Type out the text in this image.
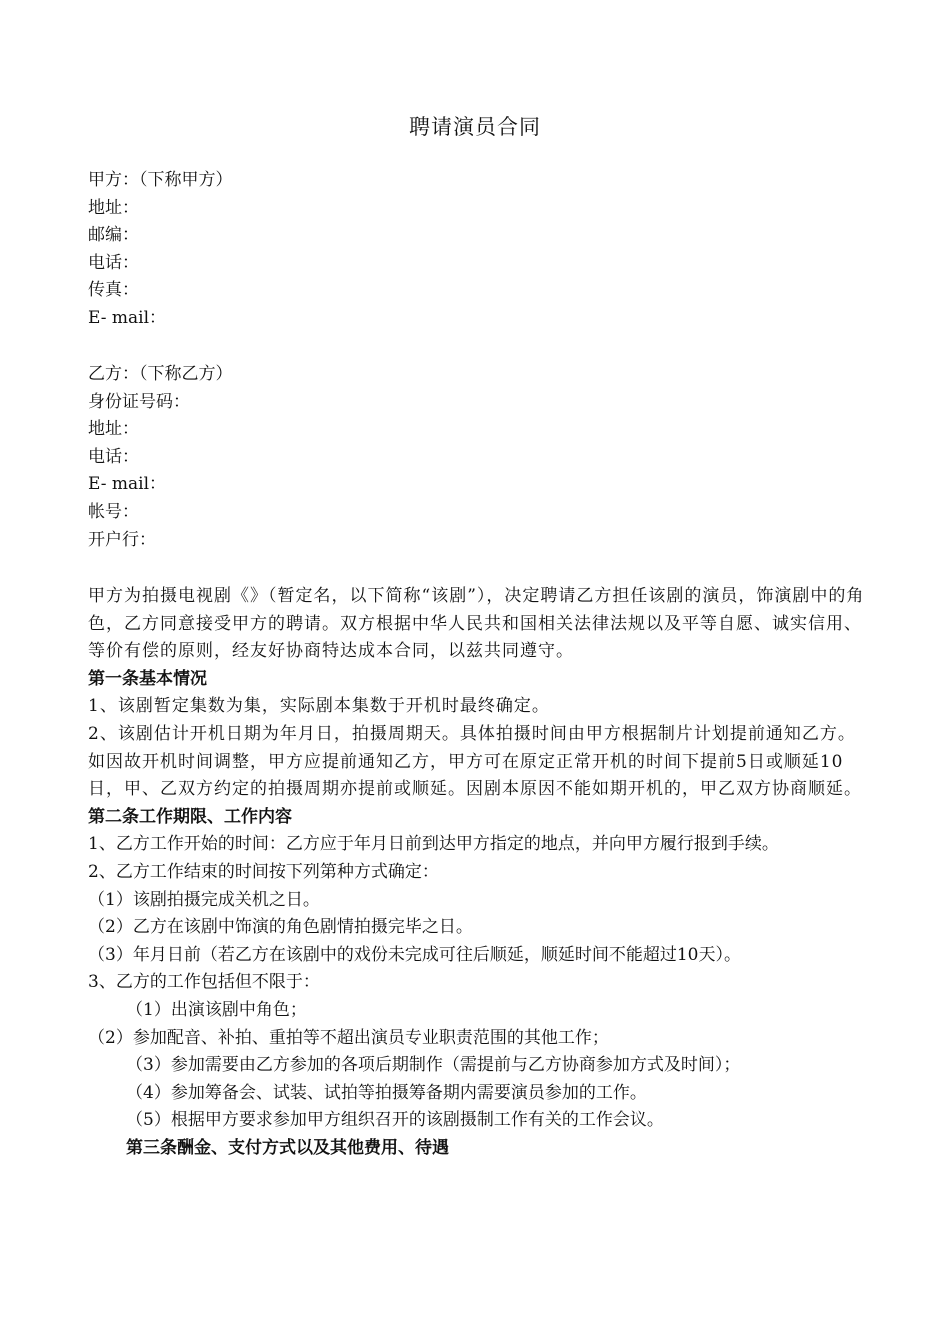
聘请演员合同
甲方：（下称甲方）
地址：
邮编：
电话：
传真：
E- mail：
乙方：（下称乙方）
身份证号码：
地址：
电话：
E- mail：
帐号：
开户行：
甲方为拍摄电视剧《》（暂定名，以下简称“该剧”），决定聘请乙方担任该剧的演员，饰演剧中的角色，乙方同意接受甲方的聘请。双方根据中华人民共和国相关法律法规以及平等自愿、诚实信用、等价有偿的原则，经友好协商特达成本合同，以兹共同遵守。
第一条基本情况
1、该剧暂定集数为集，实际剧本集数于开机时最终确定。
2、该剧估计开机日期为年月日，拍摄周期天。具体拍摄时间由甲方根据制片计划提前通知乙方。如因故开机时间调整，甲方应提前通知乙方，甲方可在原定正常开机的时间下提前5日或顺延10日，甲、乙双方约定的拍摄周期亦提前或顺延。因剧本原因不能如期开机的，甲乙双方协商顺延。
第二条工作期限、工作内容
1、乙方工作开始的时间：乙方应于年月日前到达甲方指定的地点，并向甲方履行报到手续。
2、乙方工作结束的时间按下列第种方式确定：
（1）该剧拍摄完成关机之日。
（2）乙方在该剧中饰演的角色剧情拍摄完毕之日。
（3）年月日前（若乙方在该剧中的戏份未完成可往后顺延，顺延时间不能超过10天）。
3、乙方的工作包括但不限于：
（1）出演该剧中角色；
（2）参加配音、补拍、重拍等不超出演员专业职责范围的其他工作；
（3）参加需要由乙方参加的各项后期制作（需提前与乙方协商参加方式及时间）；
（4）参加筹备会、试装、试拍等拍摄筹备期内需要演员参加的工作。
（5）根据甲方要求参加甲方组织召开的该剧摄制工作有关的工作会议。
第三条酬金、支付方式以及其他费用、待遇
